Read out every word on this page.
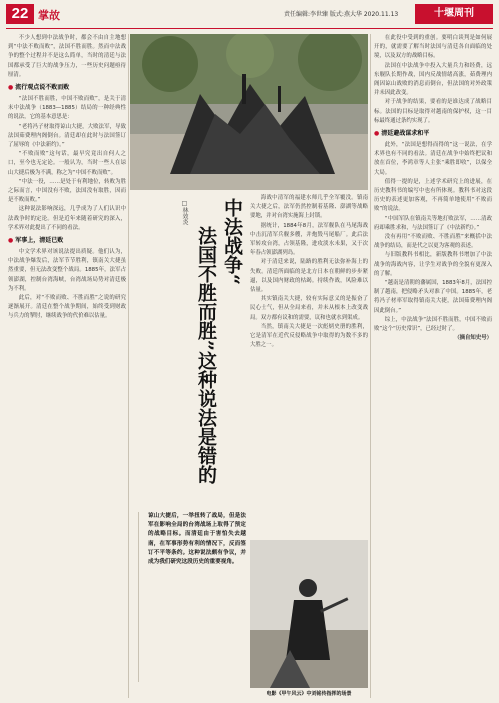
22 掌故	责任编辑:李世臻 版式:燕大华 2020.11.13	十堰周刊

不少人想到中法战争时，都会不由自主地想到“中法不败而败”，法国不胜而胜。然而中法战争的整个过程并不是这么简单，当时的清廷与法国都承受了巨大的战争压力，一些历史问题亟待厘清。

● 流行观点说不败而败

“法国不胜而胜，中国不败而败”，是关于清末中法战争（1883—1885）结局的一种经典性的说法，它的基本意思是：

“老将冯子材取得谅山大捷，大败法军，导致法国茹费理内阁倒台。清廷却在此时与法国签订了屈辱的《中法新约》。”

“不败而败”这句话，最早究竟出自何人之口，至今也无定论。一般认为，当时一些人在谅山大捷后极为不满，称之为“中国不败而败”。

“中法一役，……是处于有利地位，转败为胜之际而言，中国没有不败，法国没有取胜，因而是不败而败。”

这种说法影响深远，几乎成为了人们认识中法战争时的定论。但是近年来随着研究的深入，学术界对此提出了不同的看法。

● 军事上，清廷已败

中文学术界对该说法提出质疑。他们认为，中法战争爆发后，法军节节胜利，镇南关大捷虽然重要，但无法改变整个战局。1885年，法军占领澎湖，控制台湾海峡，台湾战场局势对清廷极为不利。

此后，对“不败而败、不胜而胜”之说的研究逐渐展开。清廷在整个战争期间，始终受到财政与兵力的掣肘，继续战争的代价难以估量。

□林效炎
法国不胜而胜”这种说法是错的 中法战争“
谅山大捷后，一举扭转了战局，但是法军在影响全局的台湾战场上取得了预定的战略目标。而清廷由于害怕失去越南，在军事形势有利的情况下，反而签订不平等条约。这种说法颇有争议，并成为我们研究这段历史的重要视角。

海战中清军的福建水师几乎全军覆没。镇南关大捷之后，法军仍然控制着基隆、澎湖等战略要地，并对台湾实施海上封锁。

据统计，1884年8月，法军舰队在马尾海战中击沉清军兵舰多艘，并炮毁马尾船厂。此后法军转攻台湾，占领基隆，进攻淡水未果，又于次年春占领澎湖列岛。

对于清廷来说，陆路的胜利无法弥补海上的失败。清廷所面临的是北方日本在朝鲜的步步紧逼，以及国内财政的枯竭。持续作战，风险难以估量。

其实镇南关大捷，较有实际意义的是振奋了民心士气，但从全局来看，并未从根本上改变战局。双方都有议和的需要，议和也就水到渠成。

当然，镇南关大捷是一次彪炳史册的胜利，它是清军在近代反侵略战争中取得的为数不多的大胜之一。

电影《甲午风云》中刘铭传指挥的场景

在此役中受到的重创。要明白谈判是如何展开的，就需要了解当时法国与清廷各自面临的处境，以及双方的战略目标。

法国在中法战争中投入大量兵力和经费，远东舰队长期作战，国内反战情绪高涨，茹费理内阁因谅山战败的消息而倒台，但法国的对外政策并未因此改变。

对于战争的结果，要看的是谁达成了战略目标。法国的目标是取得对越南的保护权，这一目标最终通过条约实现了。

● 清廷避战谋求和平

此外，“法国是想得而得的”这一说法，在学术界也有不同的看法。清廷在战争中始终把议和放在首位，李鸿章等人主张“乘胜即收”，以保全大局。

值得一提的是，上述学术研究上的进展，在历史教科书的编写中也有所体现。教科书对这段历史的表述更加客观，不再简单地使用“不败而败”的说法。

“中国军队在镇南关等地打败法军，……清政府却乘胜求和，与法国签订了《中法新约》。”

没有再用“不败而败、不胜而胜”来概括中法战争的结局，而是代之以更为客观的表述。

与旧版教科书相比，新版教科书增加了中法战争的海战内容，让学生对战争的全貌有更深入的了解。

“越南是清朝的藩属国，1883年8月，法国控制了越南，把侵略矛头对准了中国。1885年，老将冯子材率军取得镇南关大捷，法国茹费理内阁因此倒台。”

综上，中法战争“法国不胜而胜，中国不败而败”这个“历史常识”，已经过时了。

（摘自知史号）
